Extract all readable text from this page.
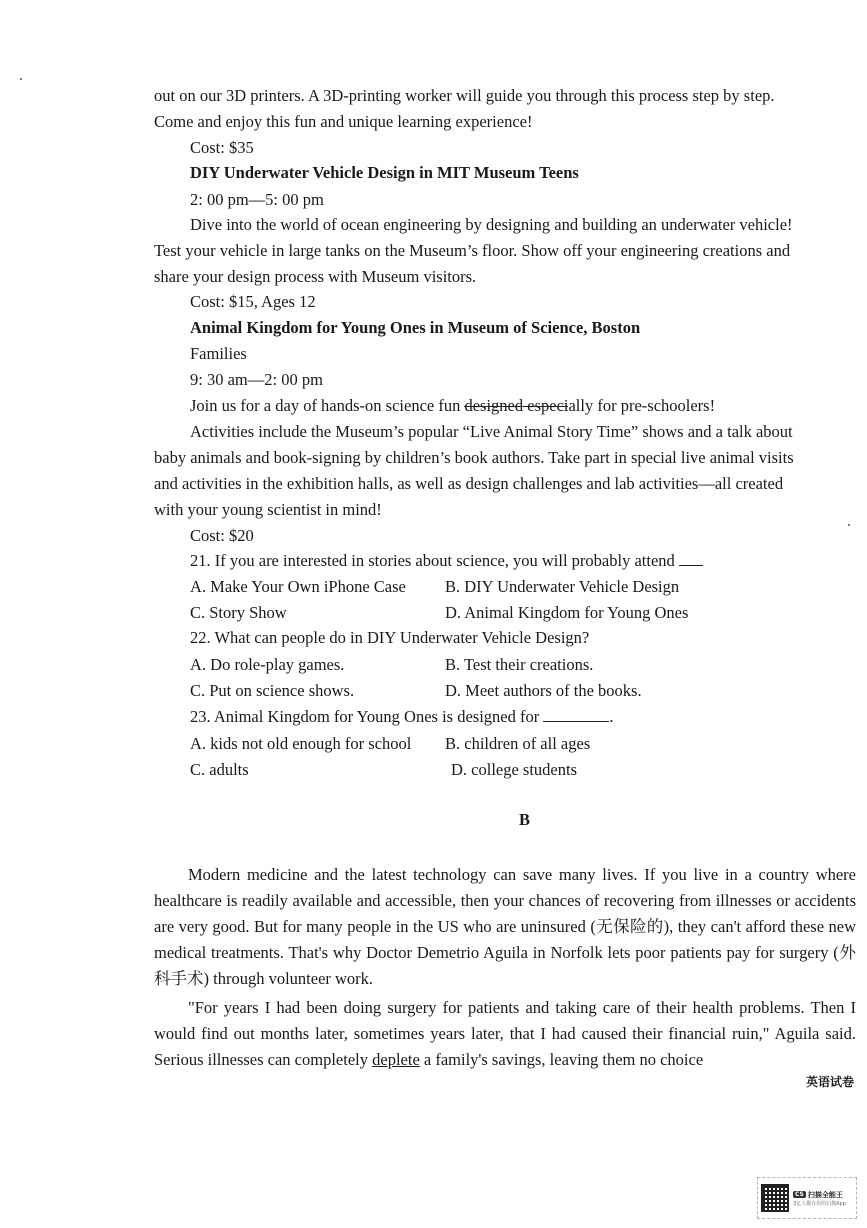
out on our 3D printers. A 3D-printing worker will guide you through this process step by step.
Come and enjoy this fun and unique learning experience!
Cost: $35
DIY Underwater Vehicle Design in MIT Museum Teens
2: 00 pm—5: 00 pm
Dive into the world of ocean engineering by designing and building an underwater vehicle!
Test your vehicle in large tanks on the Museum’s floor. Show off your engineering creations and
share your design process with Museum visitors.
Cost: $15, Ages 12
Animal Kingdom for Young Ones in Museum of Science, Boston
Families
9: 30 am—2: 00 pm
Join us for a day of hands-on science fun designed especially for pre-schoolers!
Activities include the Museum’s popular “Live Animal Story Time” shows and a talk about
baby animals and book-signing by children’s book authors. Take part in special live animal visits
and activities in the exhibition halls, as well as design challenges and lab activities—all created
with your young scientist in mind!
Cost: $20
21. If you are interested in stories about science, you will probably attend
A. Make Your Own iPhone Case B. DIY Underwater Vehicle Design
C. Story Show	D. Animal Kingdom for Young Ones
22. What can people do in DIY Underwater Vehicle Design?
A. Do role-play games.	B. Test their creations.
C. Put on science shows.	D. Meet authors of the books.
23. Animal Kingdom for Young Ones is designed for	.
A. kids not old enough for school B. children of all ages
C. adults	D. college students
B
Modern medicine and the latest technology can save many lives. If you live in a country where healthcare is readily available and accessible, then your chances of recovering from illnesses or accidents are very good. But for many people in the US who are uninsured (无保险的), they can't afford these new medical treatments. That's why Doctor Demetrio Aguila in Norfolk lets poor patients pay for surgery (外科手术) through volunteer work.
"For years I had been doing surgery for patients and taking care of their health problems. Then I would find out months later, sometimes years later, that I had caused their financial ruin," Aguila said. Serious illnesses can completely deplete a family's savings, leaving them no choice
英语试卷
CS 扫描全能王
3亿人都在用的扫描App
